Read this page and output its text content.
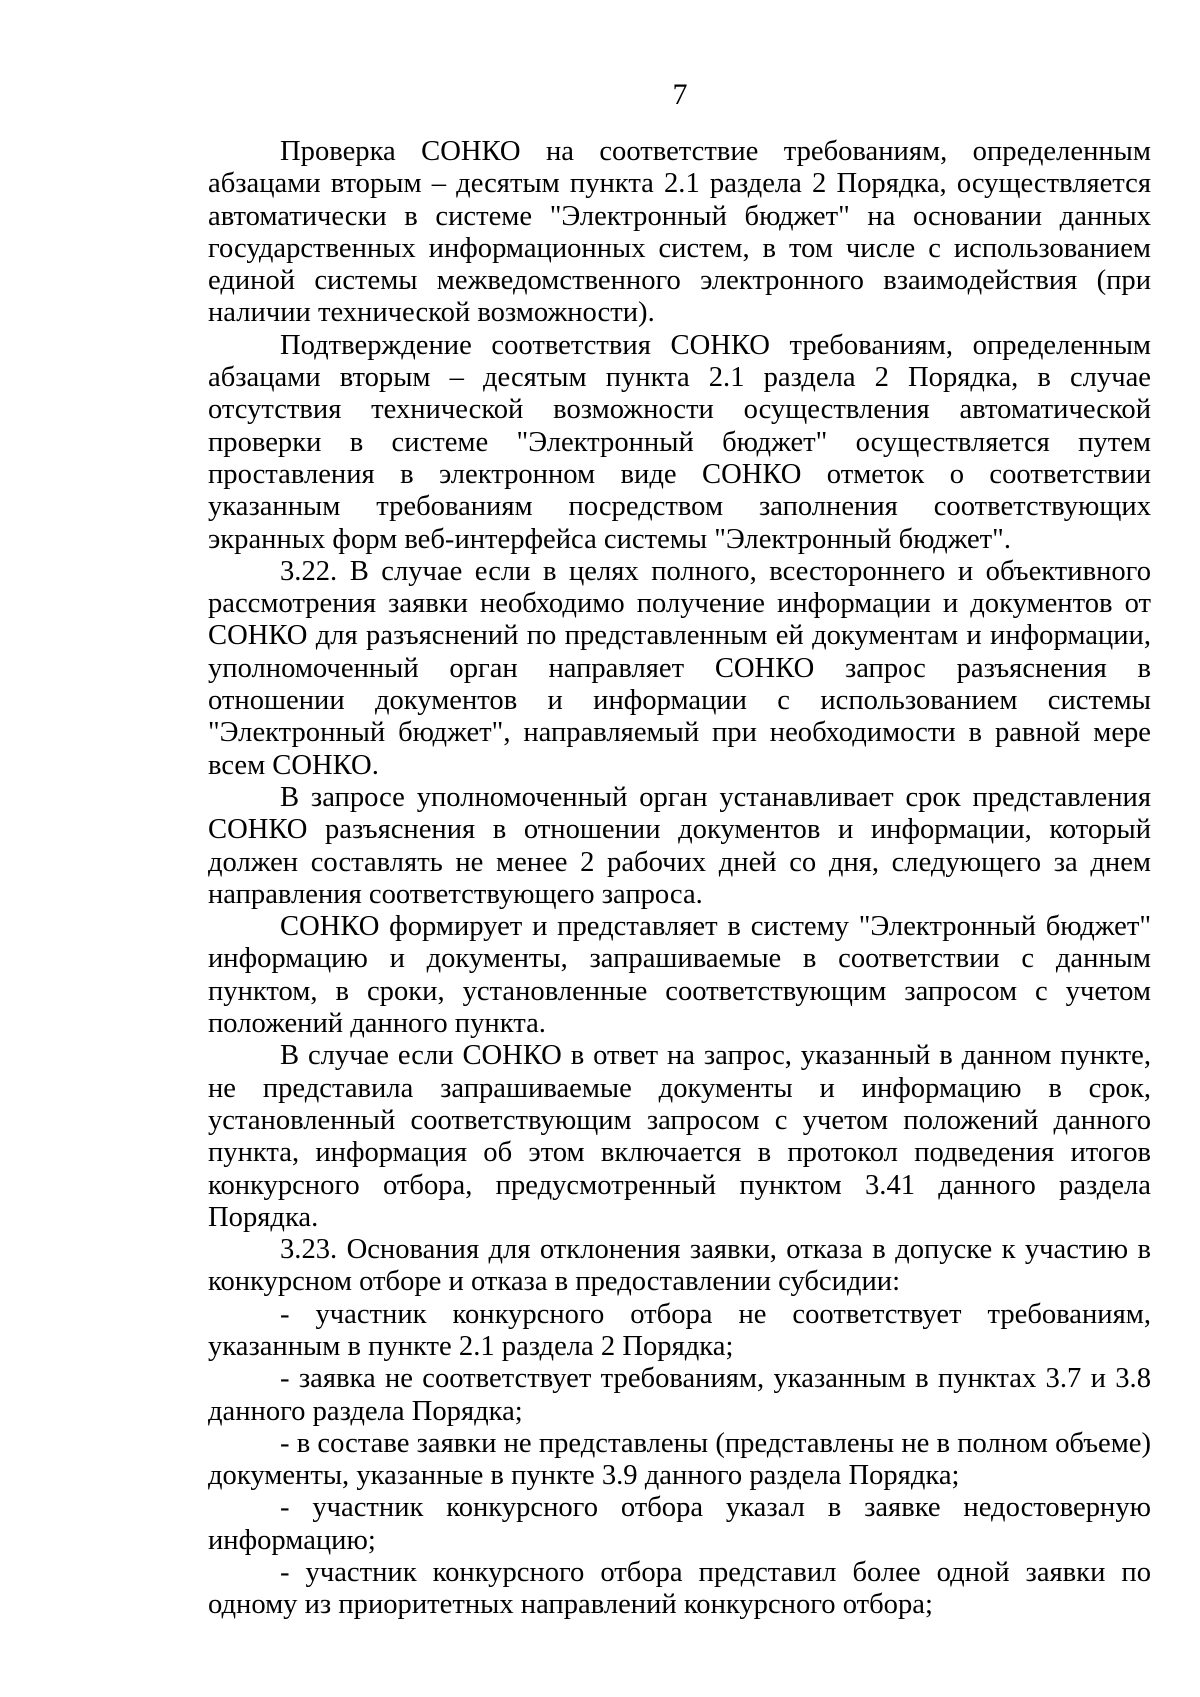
7

Проверка СОНКО на соответствие требованиям, определенным абзацами вторым – десятым пункта 2.1 раздела 2 Порядка, осуществляется автоматически в системе "Электронный бюджет" на основании данных государственных информационных систем, в том числе с использованием единой системы межведомственного электронного взаимодействия (при наличии технической возможности).

Подтверждение соответствия СОНКО требованиям, определенным абзацами вторым – десятым пункта 2.1 раздела 2 Порядка, в случае отсутствия технической возможности осуществления автоматической проверки в системе "Электронный бюджет" осуществляется путем проставления в электронном виде СОНКО отметок о соответствии указанным требованиям посредством заполнения соответствующих экранных форм веб-интерфейса системы "Электронный бюджет".

3.22. В случае если в целях полного, всестороннего и объективного рассмотрения заявки необходимо получение информации и документов от СОНКО для разъяснений по представленным ей документам и информации, уполномоченный орган направляет СОНКО запрос разъяснения в отношении документов и информации с использованием системы "Электронный бюджет", направляемый при необходимости в равной мере всем СОНКО.

В запросе уполномоченный орган устанавливает срок представления СОНКО разъяснения в отношении документов и информации, который должен составлять не менее 2 рабочих дней со дня, следующего за днем направления соответствующего запроса.

СОНКО формирует и представляет в систему "Электронный бюджет" информацию и документы, запрашиваемые в соответствии с данным пунктом, в сроки, установленные соответствующим запросом с учетом положений данного пункта.

В случае если СОНКО в ответ на запрос, указанный в данном пункте, не представила запрашиваемые документы и информацию в срок, установленный соответствующим запросом с учетом положений данного пункта, информация об этом включается в протокол подведения итогов конкурсного отбора, предусмотренный пунктом 3.41 данного раздела Порядка.

3.23. Основания для отклонения заявки, отказа в допуске к участию в конкурсном отборе и отказа в предоставлении субсидии:

- участник конкурсного отбора не соответствует требованиям, указанным в пункте 2.1 раздела 2 Порядка;

- заявка не соответствует требованиям, указанным в пунктах 3.7 и 3.8 данного раздела Порядка;

- в составе заявки не представлены (представлены не в полном объеме) документы, указанные в пункте 3.9 данного раздела Порядка;

- участник конкурсного отбора указал в заявке недостоверную информацию;

- участник конкурсного отбора представил более одной заявки по одному из приоритетных направлений конкурсного отбора;
